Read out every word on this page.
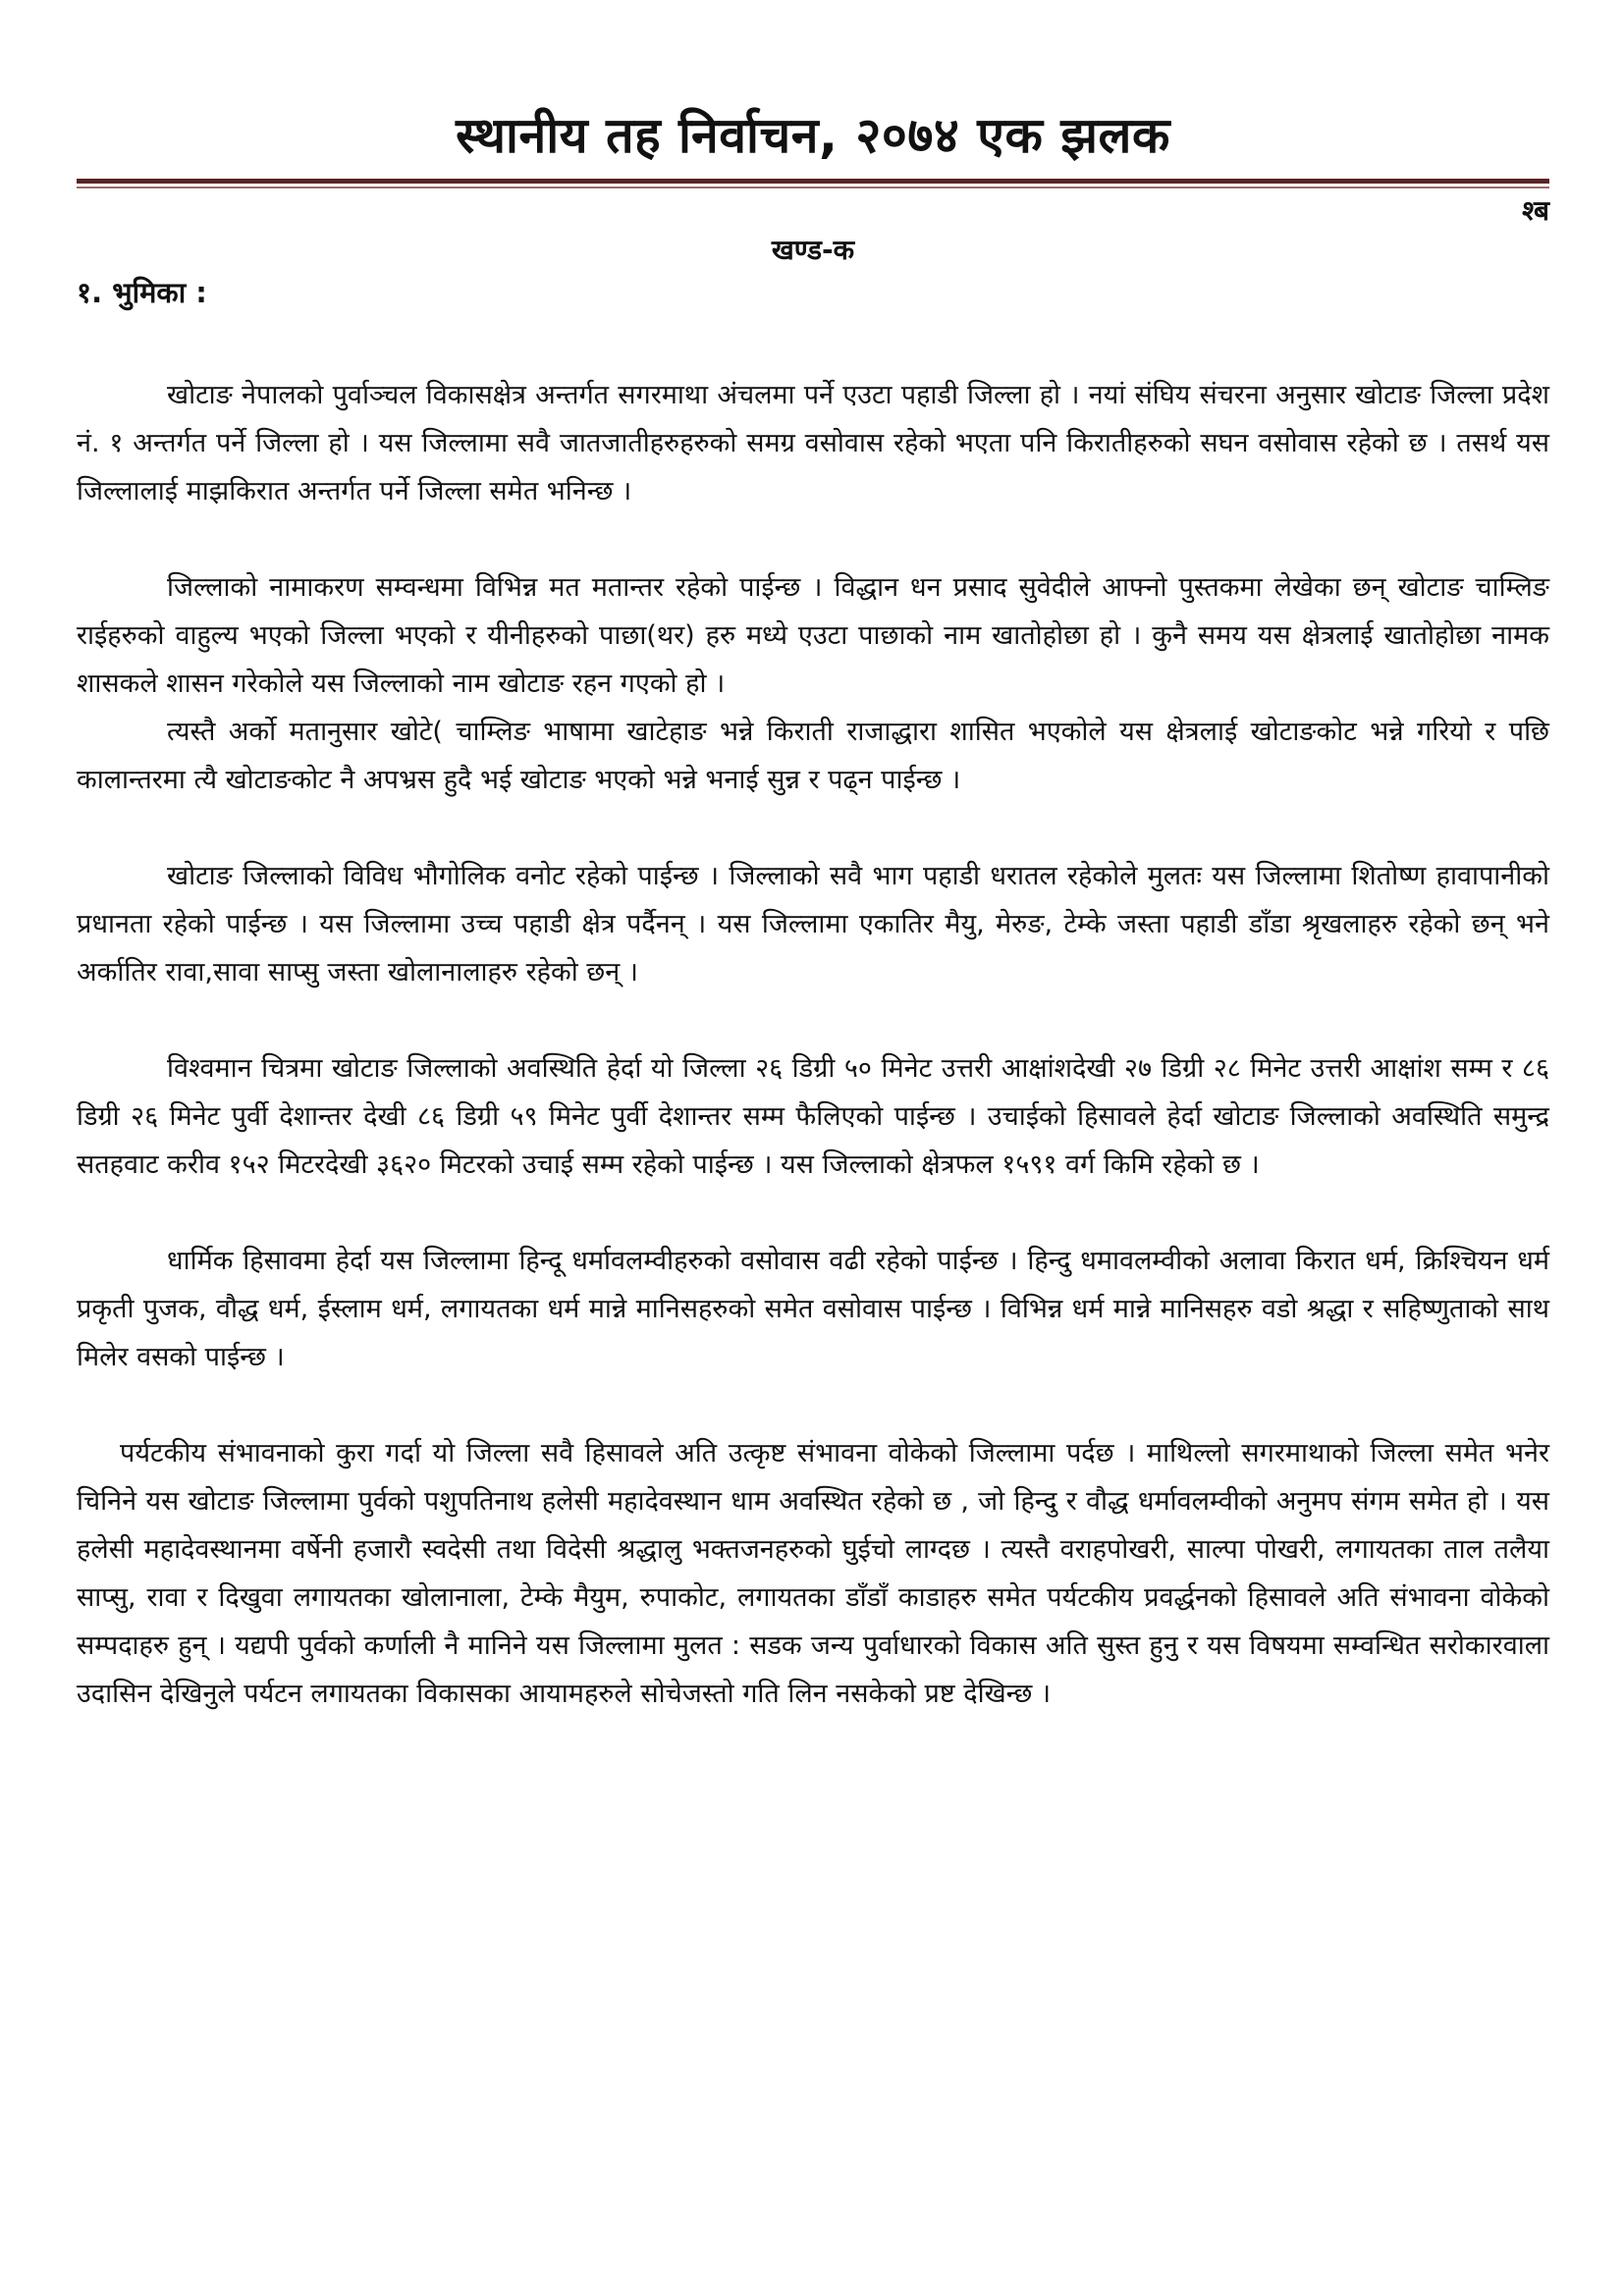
स्थानीय तह निर्वाचन, २०७४ एक झलक
श्ब
खण्ड-क
१. भुमिका :

खोटाङ नेपालको पुर्वाञ्चल विकासक्षेत्र अन्तर्गत सगरमाथा अंचलमा पर्ने एउटा पहाडी जिल्ला हो । नयां संघिय संचरना अनुसार खोटाङ जिल्ला प्रदेश नं. १ अन्तर्गत पर्ने जिल्ला हो । यस जिल्लामा सवै जातजातीहरुहरुको समग्र वसोवास रहेको भएता पनि किरातीहरुको सघन वसोवास रहेको छ । तसर्थ यस जिल्लालाई माझकिरात अन्तर्गत पर्ने जिल्ला समेत भनिन्छ ।

जिल्लाको नामाकरण सम्वन्धमा विभिन्न मत मतान्तर रहेको पाईन्छ । विद्धान धन प्रसाद सुवेदीले आफ्नो पुस्तकमा लेखेका छन् खोटाङ चाम्लिङ राईहरुको वाहुल्य भएको जिल्ला भएको र यीनीहरुको पाछा(थर) हरु मध्ये एउटा पाछाको नाम खातोहोछा हो । कुनै समय यस क्षेत्रलाई खातोहोछा नामक शासकले शासन गरेकोले यस जिल्लाको नाम खोटाङ रहन गएको हो ।

त्यस्तै अर्को मतानुसार खोटे( चाम्लिङ भाषामा खाटेहाङ भन्ने किराती राजाद्धारा शासित भएकोले यस क्षेत्रलाई खोटाङकोट भन्ने गरियो र पछि कालान्तरमा त्यै खोटाङकोट नै अपभ्रस हुदै भई खोटाङ भएको भन्ने भनाई सुन्न र पढ्न पाईन्छ ।

खोटाङ जिल्लाको विविध भौगोलिक वनोट रहेको पाईन्छ । जिल्लाको सवै भाग पहाडी धरातल रहेकोले मुलतः यस जिल्लामा शितोष्ण हावापानीको प्रधानता रहेको पाईन्छ । यस जिल्लामा उच्च पहाडी क्षेत्र पर्दैनन् । यस जिल्लामा एकातिर मैयु, मेरुङ, टेम्के जस्ता पहाडी डाँडा श्रृखलाहरु रहेको छन् भने अर्कातिर रावा,सावा साप्सु जस्ता खोलानालाहरु रहेको छन् ।

विश्वमान चित्रमा खोटाङ जिल्लाको अवस्थिति हेर्दा यो जिल्ला २६ डिग्री ५० मिनेट उत्तरी आक्षांशदेखी २७ डिग्री २८ मिनेट उत्तरी आक्षांश सम्म र ८६ डिग्री २६ मिनेट पुर्वी देशान्तर देखी ८६ डिग्री ५९ मिनेट पुर्वी देशान्तर सम्म फैलिएको पाईन्छ । उचाईको हिसावले हेर्दा खोटाङ जिल्लाको अवस्थिति समुन्द्र सतहवाट करीव १५२ मिटरदेखी ३६२० मिटरको उचाई सम्म रहेको पाईन्छ । यस जिल्लाको क्षेत्रफल १५९१ वर्ग किमि रहेको छ ।

धार्मिक हिसावमा हेर्दा यस जिल्लामा हिन्दू धर्मावलम्वीहरुको वसोवास वढी रहेको पाईन्छ । हिन्दु धमावलम्वीको अलावा किरात धर्म, क्रिश्चियन धर्म प्रकृती पुजक, वौद्ध धर्म, ईस्लाम धर्म, लगायतका धर्म मान्ने मानिसहरुको समेत वसोवास पाईन्छ । विभिन्न धर्म मान्ने मानिसहरु वडो श्रद्धा र सहिष्णुताको साथ मिलेर वसको पाईन्छ ।

पर्यटकीय संभावनाको कुरा गर्दा यो जिल्ला सवै हिसावले अति उत्कृष्ट संभावना वोकेको जिल्लामा पर्दछ । माथिल्लो सगरमाथाको जिल्ला समेत भनेर चिनिने यस खोटाङ जिल्लामा पुर्वको पशुपतिनाथ हलेसी महादेवस्थान धाम अवस्थित रहेको छ , जो हिन्दु र वौद्ध धर्मावलम्वीको अनुमप संगम समेत हो । यस हलेसी महादेवस्थानमा वर्षेनी हजारौ स्वदेसी तथा विदेसी श्रद्धालु भक्तजनहरुको घुईचो लाग्दछ । त्यस्तै वराहपोखरी, साल्पा पोखरी, लगायतका ताल तलैया साप्सु, रावा र दिखुवा लगायतका खोलानाला, टेम्के मैयुम, रुपाकोट, लगायतका डाँडाँ काडाहरु समेत पर्यटकीय प्रवर्द्धनको हिसावले अति संभावना वोकेको सम्पदाहरु हुन् । यद्यपी पुर्वको कर्णाली नै मानिने यस जिल्लामा मुलत : सडक जन्य पुर्वाधारको विकास अति सुस्त हुनु र यस विषयमा सम्वन्धित सरोकारवाला उदासिन देखिनुले पर्यटन लगायतका विकासका आयामहरुले सोचेजस्तो गति लिन नसकेको प्रष्ट देखिन्छ ।
